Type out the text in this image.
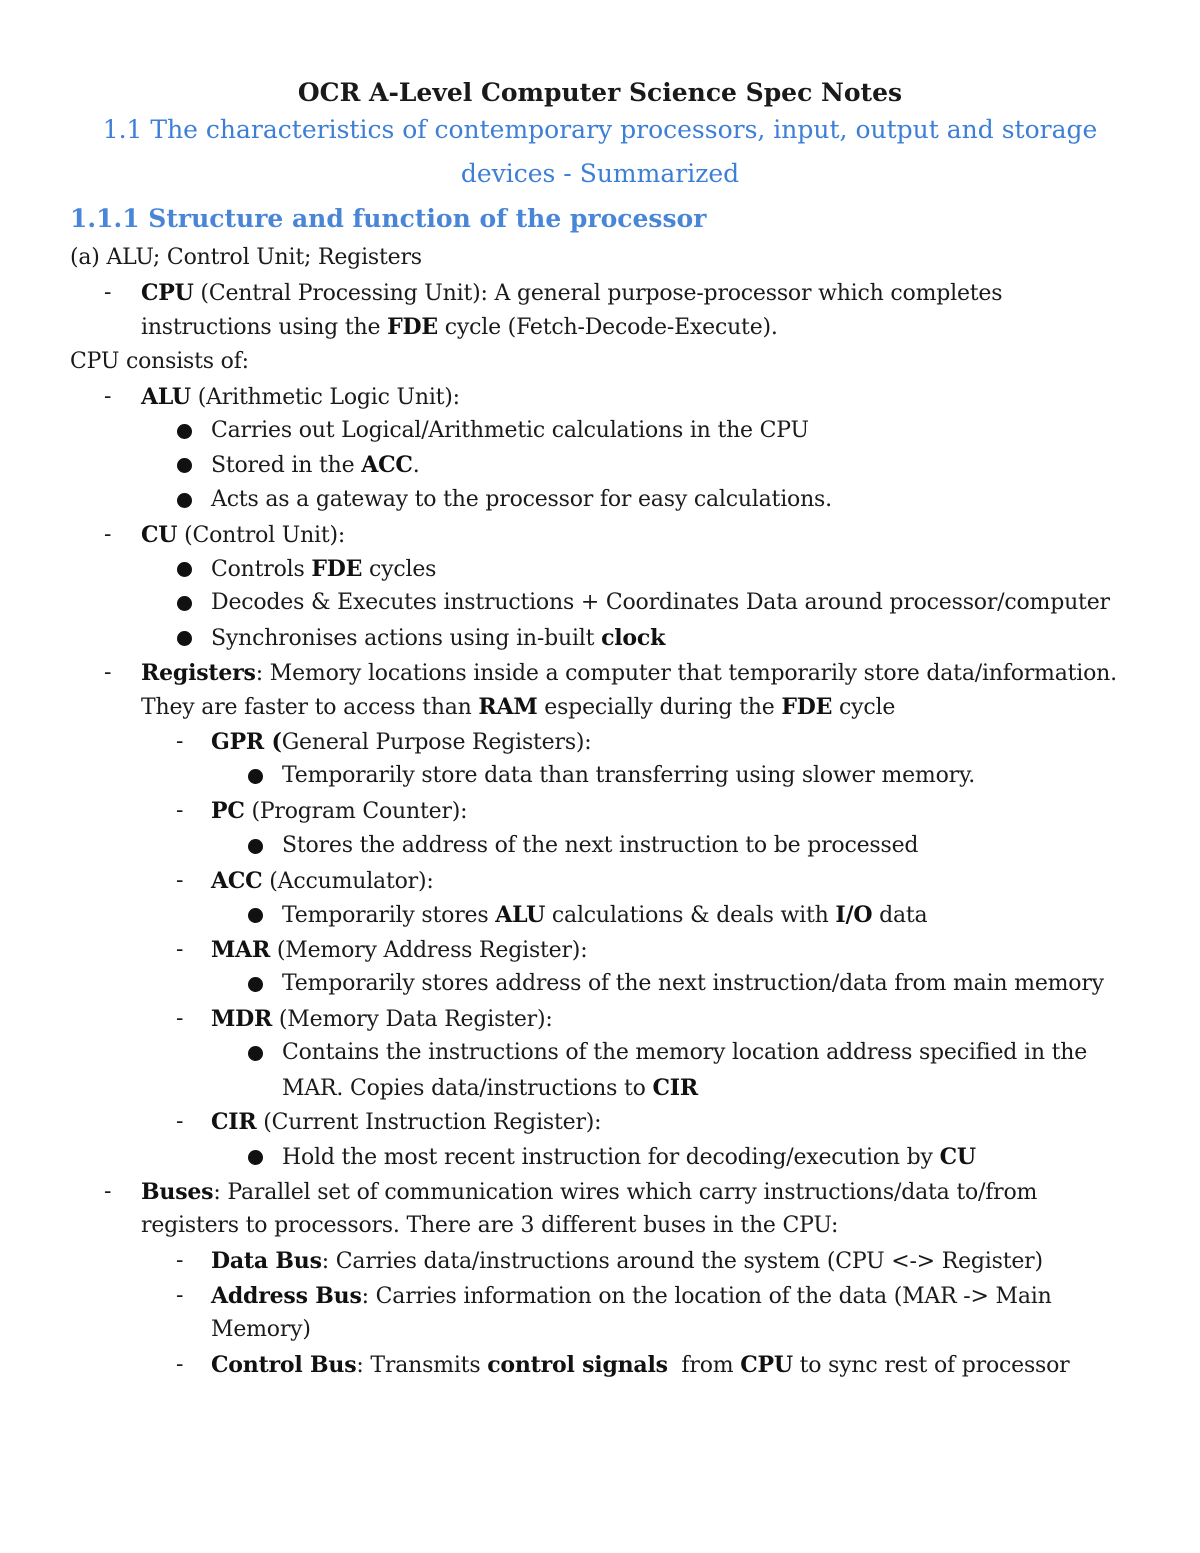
OCR A-Level Computer Science Spec Notes
1.1 The characteristics of contemporary processors, input, output and storage
devices - Summarized
1.1.1 Structure and function of the processor
(a) ALU; Control Unit; Registers
- CPU (Central Processing Unit): A general purpose-processor which completes
instructions using the FDE cycle (Fetch-Decode-Execute).
CPU consists of:
- ALU (Arithmetic Logic Unit):
Carries out Logical/Arithmetic calculations in the CPU
Stored in the ACC.
Acts as a gateway to the processor for easy calculations.
- CU (Control Unit):
Controls FDE cycles
Decodes & Executes instructions + Coordinates Data around processor/computer
Synchronises actions using in-built clock
- Registers: Memory locations inside a computer that temporarily store data/information.
They are faster to access than RAM especially during the FDE cycle
- GPR (General Purpose Registers):
Temporarily store data than transferring using slower memory.
- PC (Program Counter):
Stores the address of the next instruction to be processed
- ACC (Accumulator):
Temporarily stores ALU calculations & deals with I/O data
- MAR (Memory Address Register):
Temporarily stores address of the next instruction/data from main memory
- MDR (Memory Data Register):
Contains the instructions of the memory location address specified in the
MAR. Copies data/instructions to CIR
- CIR (Current Instruction Register):
Hold the most recent instruction for decoding/execution by CU
- Buses: Parallel set of communication wires which carry instructions/data to/from
registers to processors. There are 3 different buses in the CPU:
- Data Bus: Carries data/instructions around the system (CPU <-> Register)
- Address Bus: Carries information on the location of the data (MAR -> Main
Memory)
- Control Bus: Transmits control signals  from CPU to sync rest of processor
